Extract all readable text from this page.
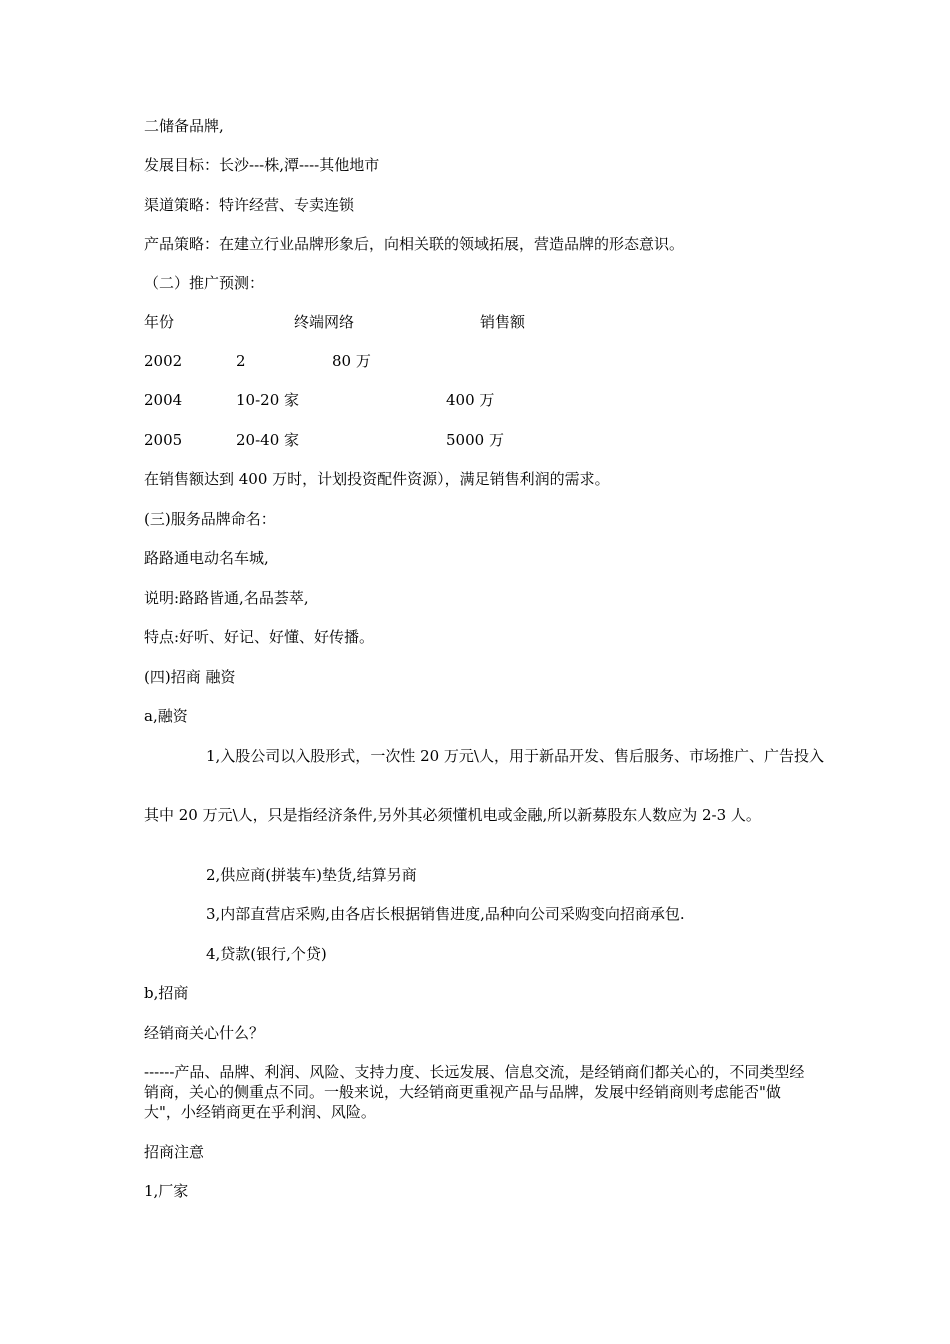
二储备品牌,
发展目标：长沙---株,潭----其他地市
渠道策略：特许经营、专卖连锁
产品策略：在建立行业品牌形象后，向相关联的领域拓展，营造品牌的形态意识。
（二）推广预测：
年份	终端网络	销售额
2002	2	80 万
2004	10-20 家	400 万
2005	20-40 家	5000 万
在销售额达到 400 万时，计划投资配件资源），满足销售利润的需求。
(三)服务品牌命名：
路路通电动名车城,
说明:路路皆通,名品荟萃,
特点:好听、好记、好懂、好传播。
(四)招商 融资
a,融资
1,入股公司以入股形式，一次性 20 万元\人，用于新品开发、售后服务、市场推广、广告投入
其中 20 万元\人，只是指经济条件,另外其必须懂机电或金融,所以新募股东人数应为 2-3 人。
2,供应商(拼装车)垫货,结算另商
3,内部直营店采购,由各店长根据销售进度,品种向公司采购变向招商承包.
4,贷款(银行,个贷)
b,招商
经销商关心什么？
------产品、品牌、利润、风险、支持力度、长远发展、信息交流，是经销商们都关心的，不同类型经销商，关心的侧重点不同。一般来说，大经销商更重视产品与品牌，发展中经销商则考虑能否"做大"，小经销商更在乎利润、风险。
招商注意
1,厂家
